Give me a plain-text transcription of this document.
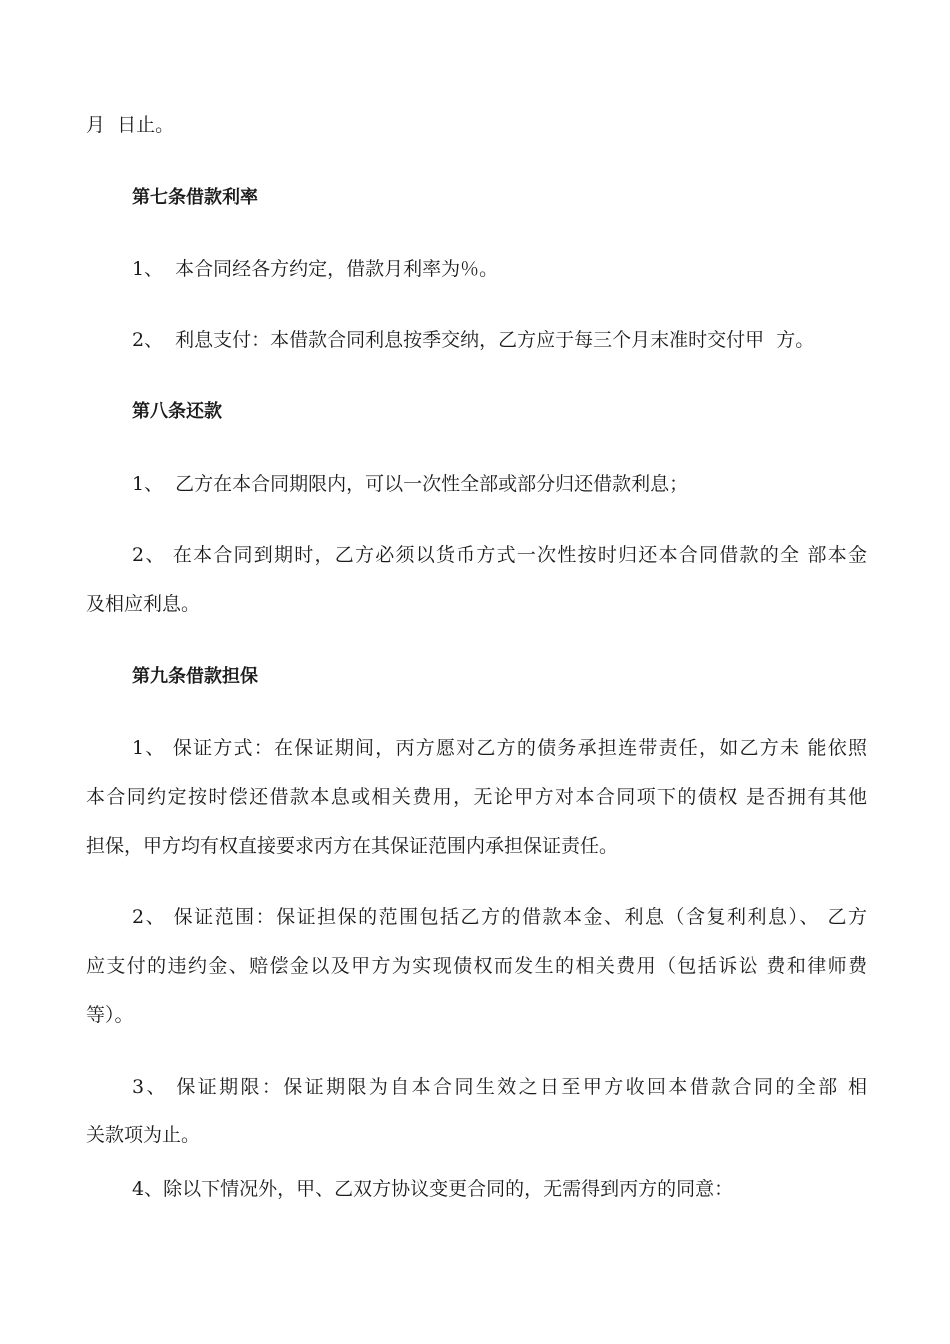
月  日止。
第七条借款利率
1、  本合同经各方约定，借款月利率为％。
2、  利息支付：本借款合同利息按季交纳，乙方应于每三个月末准时交付甲  方。
第八条还款
1、  乙方在本合同期限内，可以一次性全部或部分归还借款利息；
2、 在本合同到期时，乙方必须以货币方式一次性按时归还本合同借款的全 部本金
及相应利息。
第九条借款担保
1、 保证方式：在保证期间，丙方愿对乙方的债务承担连带责任，如乙方未 能依照
本合同约定按时偿还借款本息或相关费用，无论甲方对本合同项下的债权 是否拥有其他
担保，甲方均有权直接要求丙方在其保证范围内承担保证责任。
2、 保证范围：保证担保的范围包括乙方的借款本金、利息（含复利利息）、 乙方
应支付的违约金、赔偿金以及甲方为实现债权而发生的相关费用（包括诉讼 费和律师费
等）。
3、 保证期限：保证期限为自本合同生效之日至甲方收回本借款合同的全部 相
关款项为止。
4、除以下情况外，甲、乙双方协议变更合同的，无需得到丙方的同意：
